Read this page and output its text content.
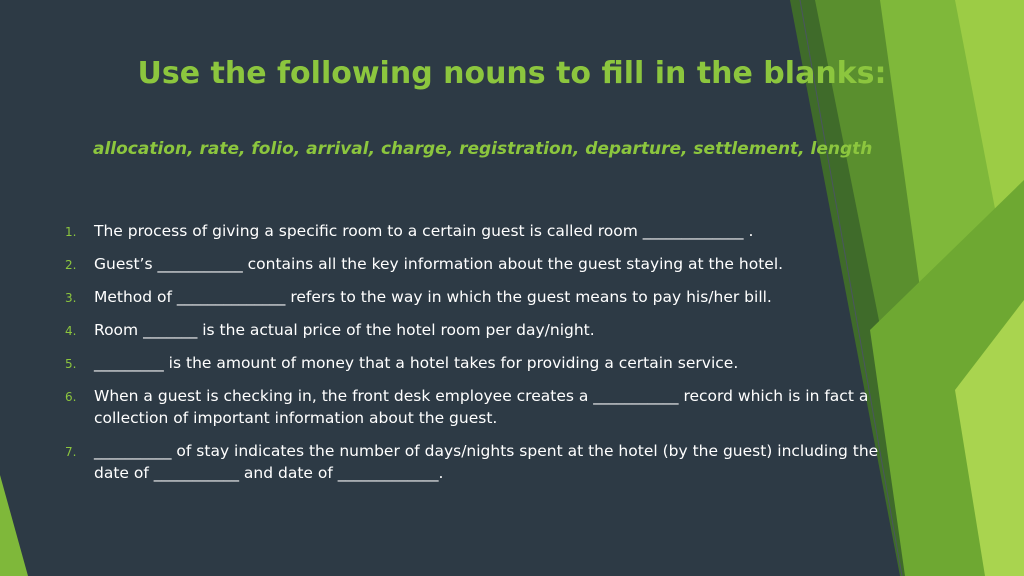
Use the following nouns to fill in the blanks:
allocation, rate, folio, arrival, charge, registration, departure, settlement, length
1. The process of giving a specific room to a certain guest is called room _____________ .
2. Guest’s ___________ contains all the key information about the guest staying at the hotel.
3. Method of ______________ refers to the way in which the guest means to pay his/her bill.
4. Room _______ is the actual price of the hotel room per day/night.
5. _________ is the amount of money that a hotel takes for providing a certain service.
6. When a guest is checking in, the front desk employee creates a ___________ record which is in fact a collection of important information about the guest.
7. __________ of stay indicates the number of days/nights spent at the hotel (by the guest) including the date of ___________ and date of _____________.
